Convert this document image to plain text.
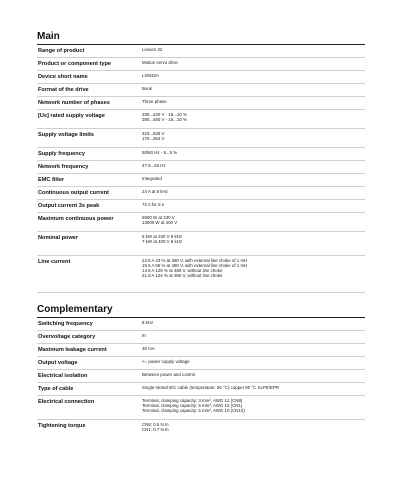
Main
Range of product	Lexium 32
Product or component type	Motion servo drive
Device short name	LXM32A
Format of the drive	Book
Network number of phases	Three phase
[Us] rated supply voltage	200...240 V - 15...10 %
380...480 V - 15...10 %
Supply voltage limits	323...528 V
170...264 V
Supply frequency	50/60 Hz - 5...5 %
Network frequency	47.5...63 Hz
EMC filter	Integrated
Continuous output current	24 A at 8 kHz
Output current 3s peak	72 A for 5 s
Maximum continuous power	6500 W at 230 V
13000 W at 400 V
Nominal power	5 kW at 230 V 8 kHz
7 kW at 400 V 8 kHz
Line current	23.5 A 43 % at 380 V, with external line choke of 1 mH
19.5 A 55 % at 480 V, with external line choke of 1 mH
14.6 A 129 % at 480 V, without line choke
21.9 A 124 % at 380 V, without line choke
Complementary
Switching frequency	8 kHz
Overvoltage category	III
Maximum leakage current	30 mA
Output voltage	<= power supply voltage
Electrical isolation	Between power and control
Type of cable	Single-strand IEC cable (temperature: 50 °C) copper 90 °C XLPE/EPR
Electrical connection	Terminal, clamping capacity: 3 mm², AWG 12 (CN8)
Terminal, clamping capacity: 5 mm², AWG 10 (CN1)
Terminal, clamping capacity: 5 mm², AWG 10 (CN10)
Tightening torque	CN8: 0.5 N.m
CN1: 0.7 N.m
